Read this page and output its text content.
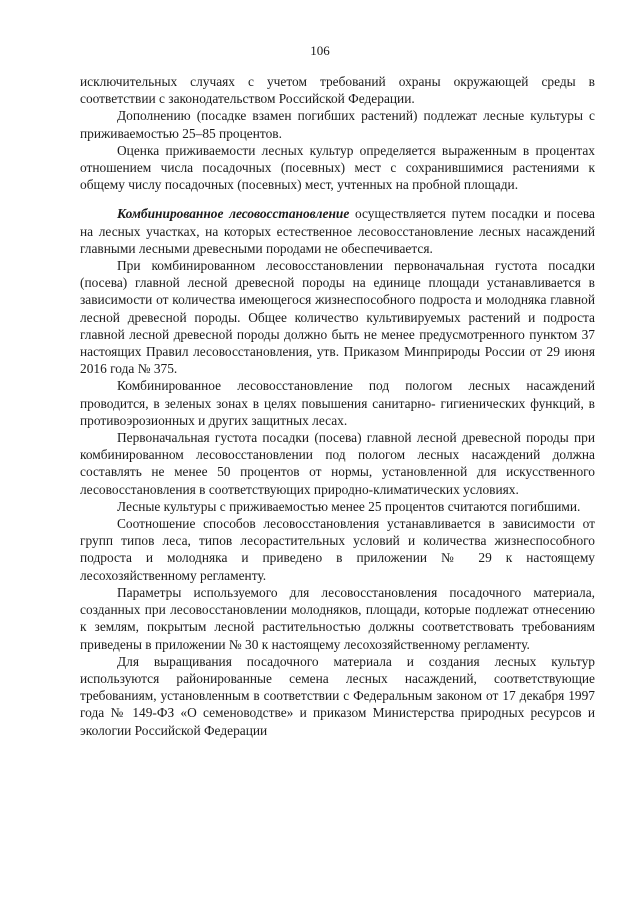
106

исключительных случаях с учетом требований охраны окружающей среды в соответствии с законодательством Российской Федерации.

Дополнению (посадке взамен погибших растений) подлежат лесные культуры с приживаемостью 25–85 процентов.

Оценка приживаемости лесных культур определяется выраженным в процентах отношением числа посадочных (посевных) мест с сохранившимися растениями к общему числу посадочных (посевных) мест, учтенных на пробной площади.

Комбинированное лесовосстановление осуществляется путем посадки и посева на лесных участках, на которых естественное лесовосстановление лесных насаждений главными лесными древесными породами не обеспечивается.

При комбинированном лесовосстановлении первоначальная густота посадки (посева) главной лесной древесной породы на единице площади устанавливается в зависимости от количества имеющегося жизнеспособного подроста и молодняка главной лесной древесной породы. Общее количество культивируемых растений и подроста главной лесной древесной породы должно быть не менее предусмотренного пунктом 37 настоящих Правил лесовосстановления, утв. Приказом Минприроды России от 29 июня 2016 года № 375.

Комбинированное лесовосстановление под пологом лесных насаждений проводится, в зеленых зонах в целях повышения санитарно- гигиенических функций, в противоэрозионных и других защитных лесах.

Первоначальная густота посадки (посева) главной лесной древесной породы при комбинированном лесовосстановлении под пологом лесных насаждений должна составлять не менее 50 процентов от нормы, установленной для искусственного лесовосстановления в соответствующих природно-климатических условиях.

Лесные культуры с приживаемостью менее 25 процентов считаются погибшими.

Соотношение способов лесовосстановления устанавливается в зависимости от групп типов леса, типов лесорастительных условий и количества жизнеспособного подроста и молодняка и приведено в приложении № 29 к настоящему лесохозяйственному регламенту.

Параметры используемого для лесовосстановления посадочного материала, созданных при лесовосстановлении молодняков, площади, которые подлежат отнесению к землям, покрытым лесной растительностью должны соответствовать требованиям приведены в приложении № 30 к настоящему лесохозяйственному регламенту.

Для выращивания посадочного материала и создания лесных культур используются районированные семена лесных насаждений, соответствующие требованиям, установленным в соответствии с Федеральным законом от 17 декабря 1997 года № 149-ФЗ «О семеноводстве» и приказом Министерства природных ресурсов и экологии Российской Федерации
